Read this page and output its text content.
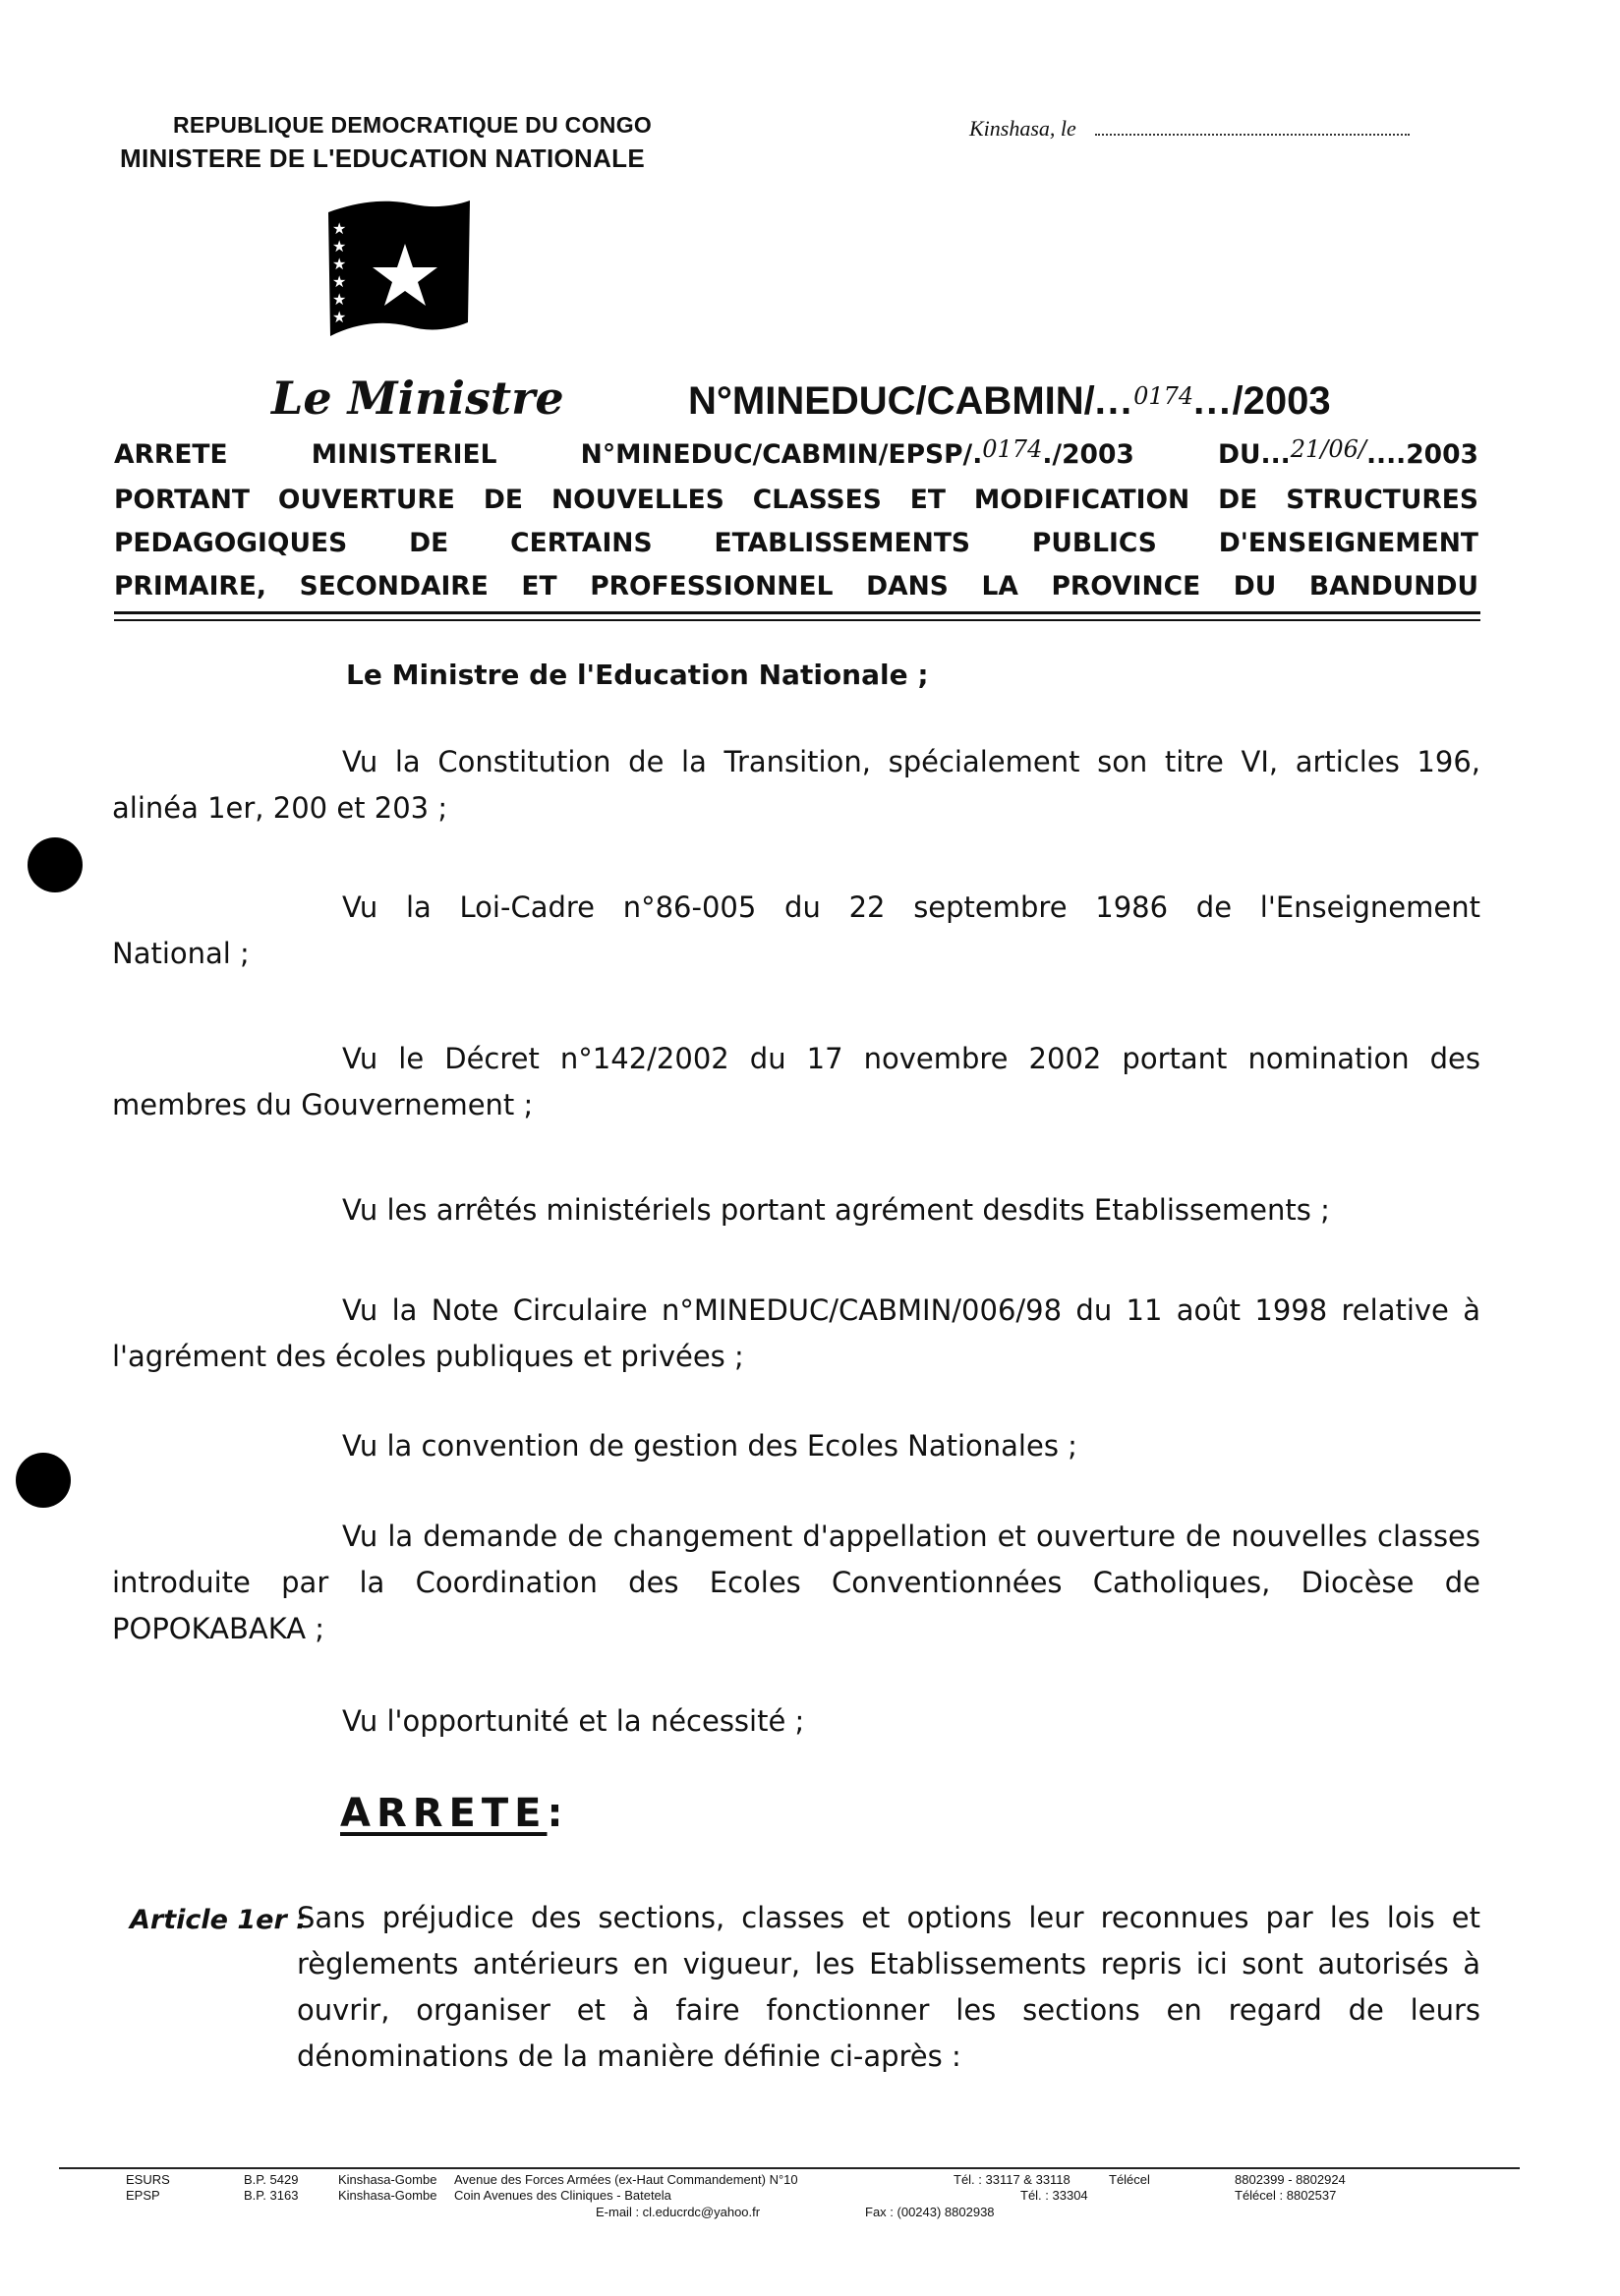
REPUBLIQUE DEMOCRATIQUE DU CONGO
MINISTERE DE L'EDUCATION NATIONALE
Kinshasa, le
★
★
★
★
★
★
Le Ministre	N°MINEDUC/CABMIN/...$^{0174}$.../2003
ARRETE MINISTERIEL N°MINEDUC/CABMIN/EPSP/.0174./2003 DU...21/06/....2003
PORTANT OUVERTURE DE NOUVELLES CLASSES ET MODIFICATION DE STRUCTURES
PEDAGOGIQUES DE CERTAINS ETABLISSEMENTS PUBLICS D'ENSEIGNEMENT
PRIMAIRE, SECONDAIRE ET PROFESSIONNEL DANS LA PROVINCE DU BANDUNDU
Le Ministre de l'Education Nationale ;
Vu la Constitution de la Transition, spécialement son titre VI, articles 196,
alinéa 1er, 200 et 203 ;
Vu la Loi-Cadre n°86-005 du 22 septembre 1986 de l'Enseignement
National ;
Vu le Décret n°142/2002 du 17 novembre 2002 portant nomination des
membres du Gouvernement ;
Vu les arrêtés ministériels portant agrément desdits Etablissements ;
Vu la Note Circulaire n°MINEDUC/CABMIN/006/98 du 11 août 1998 relative à
l'agrément des écoles publiques et privées ;
Vu la convention de gestion des Ecoles Nationales ;
Vu la demande de changement d'appellation et ouverture de nouvelles classes
introduite par la Coordination des Ecoles Conventionnées Catholiques, Diocèse de
POPOKABAKA ;
Vu l'opportunité et la nécessité ;
ARRETE:
Article 1er :
Sans préjudice des sections, classes et options leur reconnues par les lois et
règlements antérieurs en vigueur, les Etablissements repris ici sont autorisés à
ouvrir, organiser et à faire fonctionner les sections en regard de leurs
dénominations de la manière définie ci-après :
ESURS	B.P. 5429	Kinshasa-Gombe Avenue des Forces Armées (ex-Haut Commandement) N°10	Tél. : 33117 & 33118	Télécel	8802399 - 8802924
EPSP	B.P. 3163	Kinshasa-Gombe Coin Avenues des Cliniques - Batetela	Tél. : 33304	Télécel : 8802537
E-mail : cl.educrdc@yahoo.fr	Fax : (00243) 8802938
